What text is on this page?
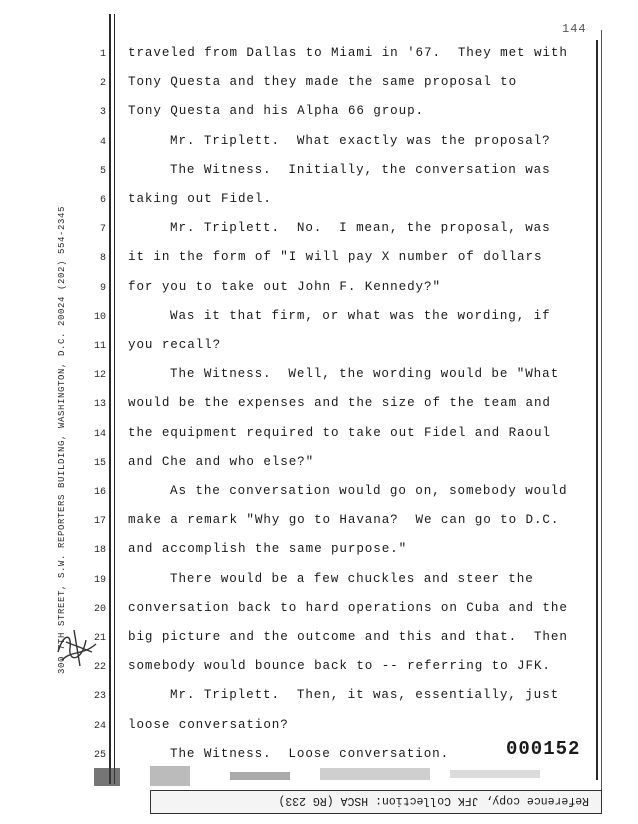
144
300 7TH STREET, S.W. REPORTERS BUILDING, WASHINGTON, D.C. 20024 (202) 554-2345
1 traveled from Dallas to Miami in '67.  They met with
2 Tony Questa and they made the same proposal to
3 Tony Questa and his Alpha 66 group.
4	Mr. Triplett.  What exactly was the proposal?
5	The Witness.  Initially, the conversation was
6 taking out Fidel.
7	Mr. Triplett.  No.  I mean, the proposal, was
8 it in the form of "I will pay X number of dollars
9 for you to take out John F. Kennedy?"
10	Was it that firm, or what was the wording, if
11 you recall?
12	The Witness.  Well, the wording would be "What
13 would be the expenses and the size of the team and
14 the equipment required to take out Fidel and Raoul
15 and Che and who else?"
16	As the conversation would go on, somebody would
17 make a remark "Why go to Havana?  We can go to D.C.
18 and accomplish the same purpose."
19	There would be a few chuckles and steer the
20 conversation back to hard operations on Cuba and the
21 big picture and the outcome and this and that.  Then
22 somebody would bounce back to -- referring to JFK.
23	Mr. Triplett.  Then, it was, essentially, just
24 loose conversation?
25	The Witness.  Loose conversation.	000152
Reference copy, JFK Collection: HSCA (RG 233)
